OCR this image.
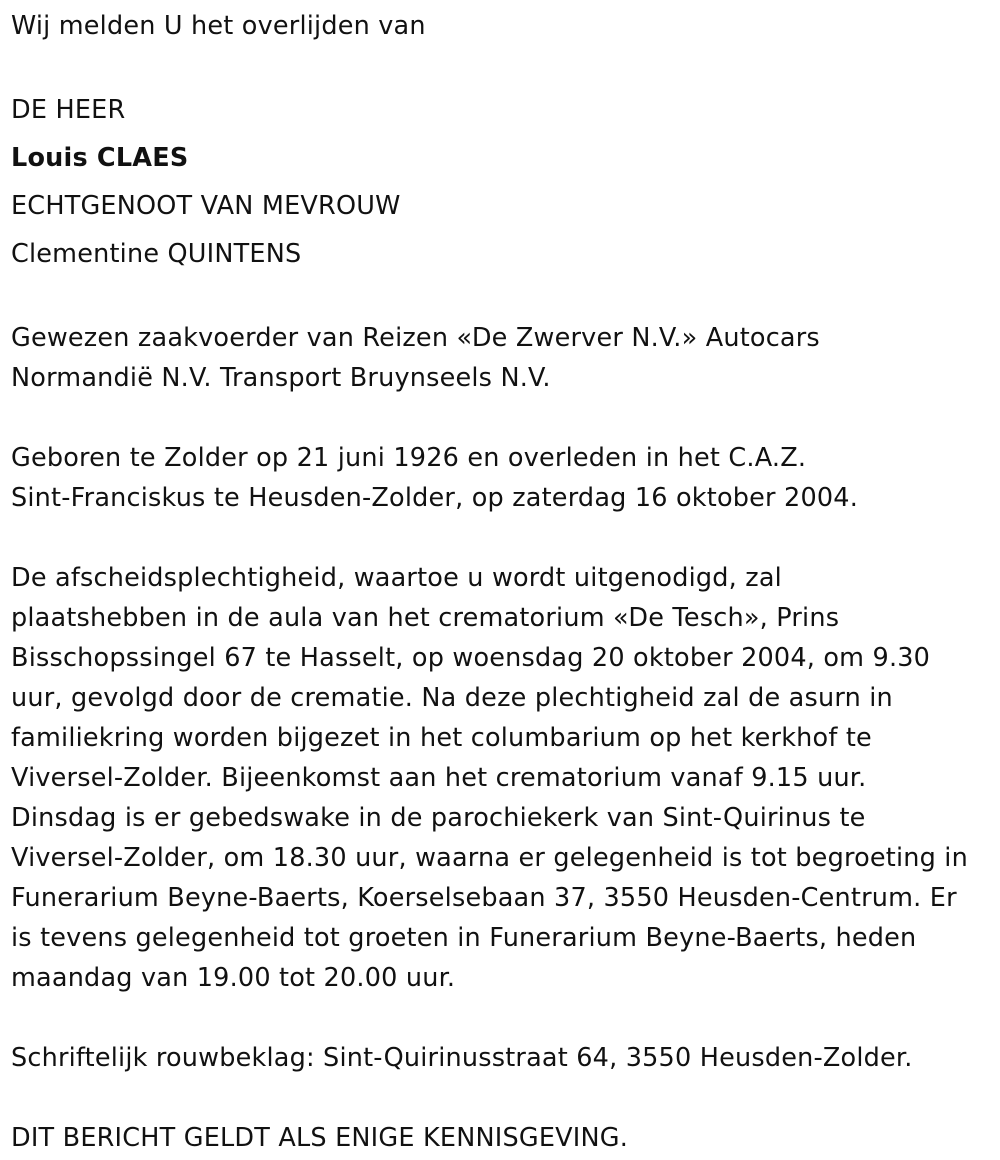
Wij melden U het overlijden van
DE HEER
Louis CLAES
ECHTGENOOT VAN MEVROUW
Clementine QUINTENS
Gewezen zaakvoerder van Reizen «De Zwerver N.V.» Autocars
Normandië N.V. Transport Bruynseels N.V.
Geboren te Zolder op 21 juni 1926 en overleden in het C.A.Z.
Sint-Franciskus te Heusden-Zolder, op zaterdag 16 oktober 2004.
De afscheidsplechtigheid, waartoe u wordt uitgenodigd, zal
plaatshebben in de aula van het crematorium «De Tesch», Prins
Bisschopssingel 67 te Hasselt, op woensdag 20 oktober 2004, om 9.30
uur, gevolgd door de crematie. Na deze plechtigheid zal de asurn in
familiekring worden bijgezet in het columbarium op het kerkhof te
Viversel-Zolder. Bijeenkomst aan het crematorium vanaf 9.15 uur.
Dinsdag is er gebedswake in de parochiekerk van Sint-Quirinus te
Viversel-Zolder, om 18.30 uur, waarna er gelegenheid is tot begroeting in
Funerarium Beyne-Baerts, Koerselsebaan 37, 3550 Heusden-Centrum. Er
is tevens gelegenheid tot groeten in Funerarium Beyne-Baerts, heden
maandag van 19.00 tot 20.00 uur.
Schriftelijk rouwbeklag: Sint-Quirinusstraat 64, 3550 Heusden-Zolder.
DIT BERICHT GELDT ALS ENIGE KENNISGEVING.
